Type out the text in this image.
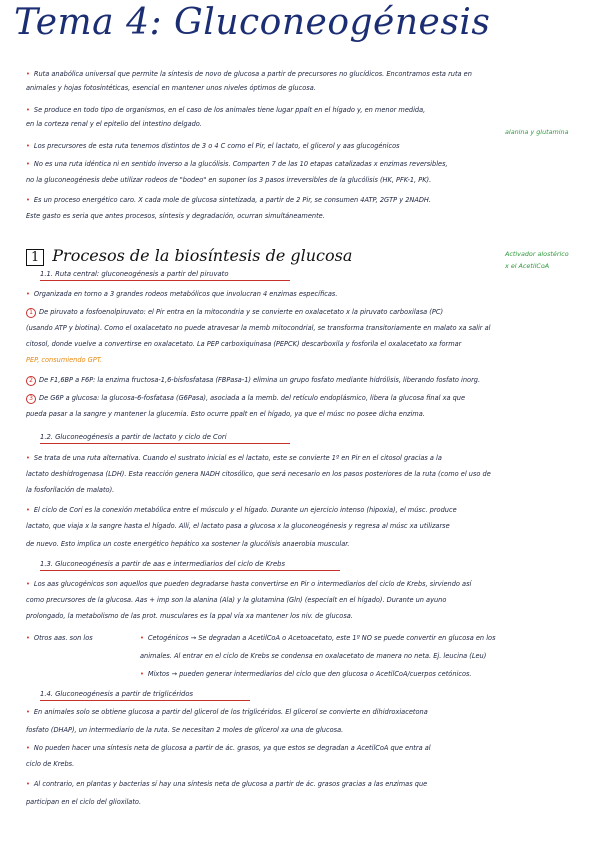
Tema 4: Gluconeogénesis
• Ruta anabólica universal que permite la síntesis de novo de glucosa a partir de precursores no glucídicos. Encontramos esta ruta en
animales y hojas fotosintéticas, esencial en mantener unos niveles óptimos de glucosa.
• Se produce en todo tipo de organismos, en el caso de los animales tiene lugar ppalt en el hígado y, en menor medida,
en la corteza renal y el epitelio del intestino delgado.
alanina y glutamina
• Los precursores de esta ruta tenemos distintos de 3 o 4 C como el Pir, el lactato, el glicerol y aas glucogénicos
• No es una ruta idéntica ni en sentido inverso a la glucólisis. Comparten 7 de las 10 etapas catalizadas x enzimas reversibles,
no la gluconeogénesis debe utilizar rodeos de "bodeo" en suponer los 3 pasos irreversibles de la glucólisis (HK, PFK-1, PK).
• Es un proceso energético caro. X cada mole de glucosa sintetizada, a partir de 2 Pir, se consumen 4ATP, 2GTP y 2NADH.
Este gasto es seria que antes procesos, síntesis y degradación, ocurran simultáneamente.
1 Procesos de la biosíntesis de glucosa	Activador alostérico
x el AcetilCoA
1.1. Ruta central: gluconeogénesis a partir del piruvato
• Organizada en torno a 3 grandes rodeos metabólicos que involucran 4 enzimas específicas.
1 De piruvato a fosfoenolpiruvato: el Pir entra en la mitocondria y se convierte en oxalacetato x la piruvato carboxilasa (PC)
(usando ATP y biotina). Como el oxalacetato no puede atravesar la memb mitocondrial, se transforma transitoriamente en malato xa salir al
citosol, donde vuelve a convertirse en oxalacetato. La PEP carboxiquinasa (PEPCK) descarboxila y fosforila el oxalacetato xa formar
PEP, consumiendo GPT.
2 De F1,6BP a F6P: la enzima fructosa-1,6-bisfosfatasa (FBPasa-1) elimina un grupo fosfato mediante hidrólisis, liberando fosfato inorg.
3 De G6P a glucosa: la glucosa-6-fosfatasa (G6Pasa), asociada a la memb. del retículo endoplásmico, libera la glucosa final xa que
pueda pasar a la sangre y mantener la glucemia. Esto ocurre ppalt en el hígado, ya que el músc no posee dicha enzima.
1.2. Gluconeogénesis a partir de lactato y ciclo de Cori
• Se trata de una ruta alternativa. Cuando el sustrato inicial es el lactato, este se convierte 1º en Pir en el citosol gracias a la
lactato deshidrogenasa (LDH). Esta reacción genera NADH citosólico, que será necesario en los pasos posteriores de la ruta (como el uso de
la fosforilación de malato).
• El ciclo de Cori es la conexión metabólica entre el músculo y el hígado. Durante un ejercicio intenso (hipoxia), el músc. produce
lactato, que viaja x la sangre hasta el hígado. Allí, el lactato pasa a glucosa x la gluconeogénesis y regresa al músc xa utilizarse
de nuevo. Esto implica un coste energético hepático xa sostener la glucólisis anaerobia muscular.
1.3. Gluconeogénesis a partir de aas e intermediarios del ciclo de Krebs
• Los aas glucogénicos son aquellos que pueden degradarse hasta convertirse en Pir o intermediarios del ciclo de Krebs, sirviendo así
como precursores de la glucosa. Aas + imp son la alanina (Ala) y la glutamina (Gln) (especialt en el hígado). Durante un ayuno
prolongado, la metabolismo de las prot. musculares es la ppal vía xa mantener los niv. de glucosa.
• Otros aas. son los	• Cetogénicos → Se degradan a AcetilCoA o Acetoacetato, este 1º NO se puede convertir en glucosa en los
animales. Al entrar en el ciclo de Krebs se condensa en oxalacetato de manera no neta. Ej. leucina (Leu)
• Mixtos → pueden generar intermediarios del ciclo que den glucosa o AcetilCoA/cuerpos cetónicos.
1.4. Gluconeogénesis a partir de triglicéridos
• En animales solo se obtiene glucosa a partir del glicerol de los triglicéridos. El glicerol se convierte en dihidroxiacetona
fosfato (DHAP), un intermediario de la ruta. Se necesitan 2 moles de glicerol xa una de glucosa.
• No pueden hacer una síntesis neta de glucosa a partir de ác. grasos, ya que estos se degradan a AcetilCoA que entra al
ciclo de Krebs.
• Al contrario, en plantas y bacterias sí hay una síntesis neta de glucosa a partir de ác. grasos gracias a las enzimas que
participan en el ciclo del glioxilato.
